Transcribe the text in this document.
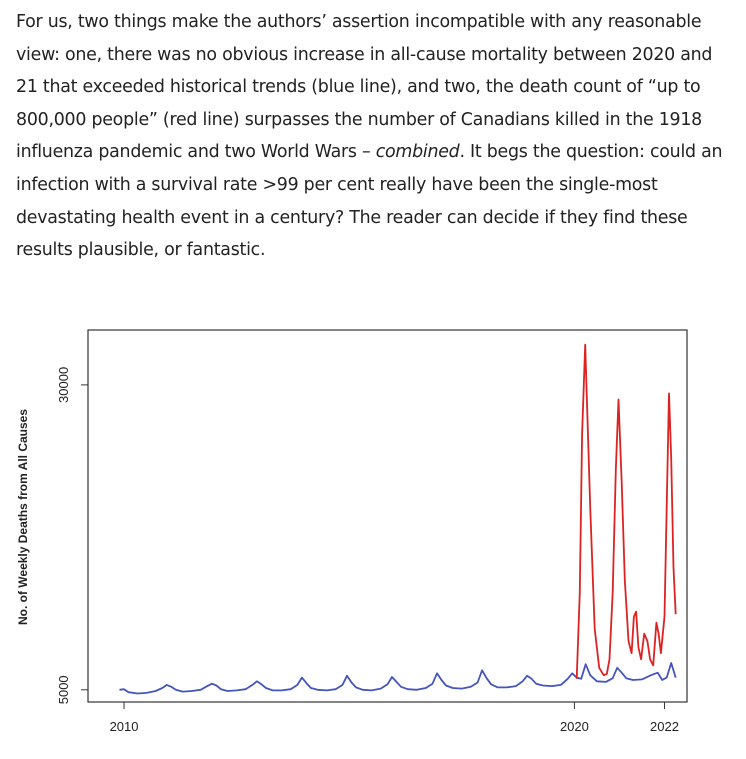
For us, two things make the authors’ assertion incompatible with any reasonable view: one, there was no obvious increase in all-cause mortality between 2020 and 21 that exceeded historical trends (blue line), and two, the death count of “up to 800,000 people” (red line) surpasses the number of Canadians killed in the 1918 influenza pandemic and two World Wars – combined. It begs the question: could an infection with a survival rate >99 per cent really have been the single-most devastating health event in a century? The reader can decide if they find these results plausible, or fantastic.

2010	2020	2022
5000
30000
No. of Weekly Deaths from All Causes
